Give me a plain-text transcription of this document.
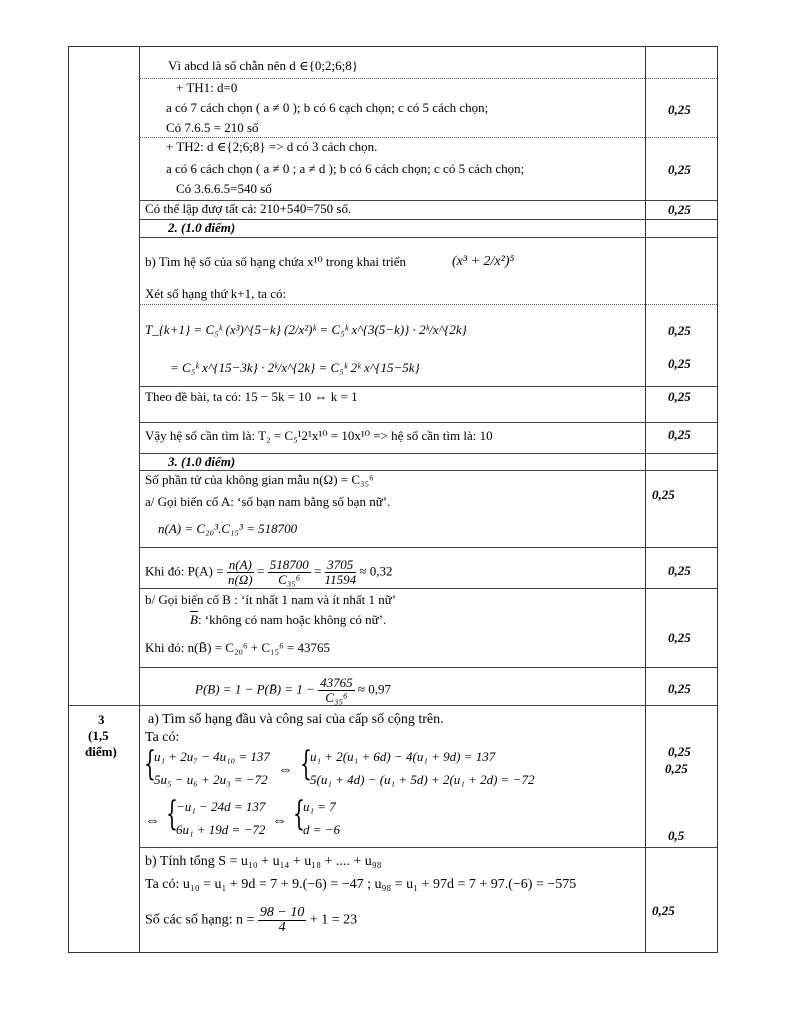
Vì abcd là số chẵn nên d ∈{0;2;6;8}
+ TH1: d=0
a có 7 cách chọn ( a ≠ 0 ); b có 6 cạch chọn; c có 5 cách chọn;
Có 7.6.5 = 210 số
+ TH2: d ∈{2;6;8} => d có 3 cách chọn.
a có 6 cách chọn ( a ≠ 0 ; a ≠ d ); b có 6 cách chọn; c có 5 cách chọn;
Có 3.6.6.5=540 số
Có thể lập đượ tất cả: 210+540=750 số.
2. (1.0 điểm)
b) Tìm hệ số của số hạng chứa x¹⁰ trong khai triển	(x³ + 2/x²)⁵
Xét số hạng thứ k+1, ta có:
T_{k+1} = C₅ᵏ (x³)^{5−k} (2/x²)ᵏ = C₅ᵏ x^{3(5−k)} · 2ᵏ/x^{2k}
= C₅ᵏ x^{15−3k} · 2ᵏ/x^{2k} = C₅ᵏ 2ᵏ x^{15−5k}
Theo đề bài, ta có: 15 − 5k = 10 ⇔ k = 1
Vậy hệ số cần tìm là: T₂ = C₅¹2¹x¹⁰ = 10x¹⁰ => hệ số cần tìm là: 10
3. (1.0 điểm)
Số phần tử của không gian mẫu n(Ω) = C₃₅⁶
a/ Gọi biến cố A: ‘số bạn nam bằng số bạn nữ’.
n(A) = C₂₀³.C₁₅³ = 518700
Khi đó: $P(A) = \frac{n(A)}{n(\Omega)} = \frac{518700}{\text{C₃₅⁶}} = \frac{3705}{11594} \approx 0,32$
b/ Gọi biến cố B : ‘ít nhất 1 nam và ít nhất 1 nữ’
$\overline{B}$: ‘không có nam hoặc không có nữ’.
Khi đó: n(B̄) = C₂₀⁶ + C₁₅⁶ = 43765
P(B) = 1 − P(B̄) = $1 - \frac{43765}{\text{C₃₅⁶}} \approx 0,97$
3
(1,5
điểm)
a) Tìm số hạng đầu và công sai của cấp số cộng trên.
Ta có:
{
u₁ + 2u₇ − 4u₁₀ = 137
5u₅ − u₆ + 2u₃ = −72
⇔ {
u₁ + 2(u₁ + 6d) − 4(u₁ + 9d) = 137
5(u₁ + 4d) − (u₁ + 5d) + 2(u₁ + 2d) = −72
⇔ {
−u₁ − 24d = 137
6u₁ + 19d = −72
⇔ {
u₁ = 7
d = −6
b) Tính tổng S = u₁₀ + u₁₄ + u₁₈ + .... + u₉₈
Ta có: u₁₀ = u₁ + 9d = 7 + 9.(−6) = −47 ; u₉₈ = u₁ + 97d = 7 + 97.(−6) = −575
Số các số hạng: $n = \frac{98 - 10}{4} + 1 = 23$
0,25
0,25
0,25
0,25
0,25
0,25
0,25
0,25
0,25
0,25
0,25
0,25
0,25
0,5
0,25
